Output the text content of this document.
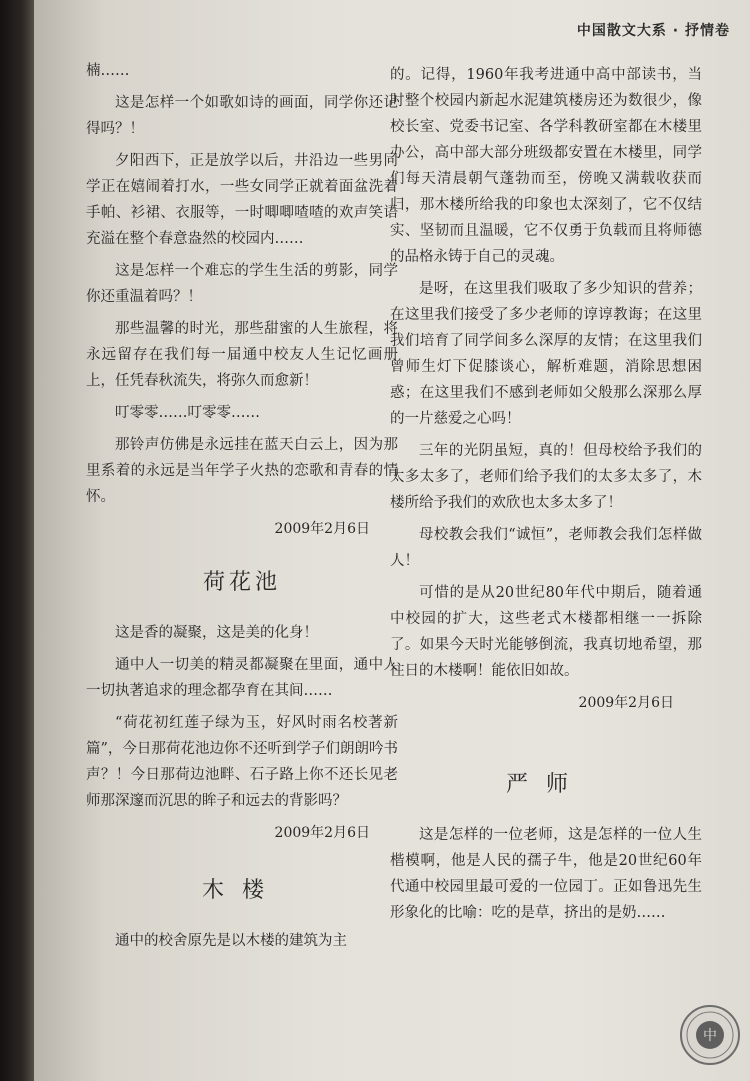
中国散文大系 · 抒情卷

楠……

这是怎样一个如歌如诗的画面，同学你还记得吗？！

夕阳西下，正是放学以后，井沿边一些男同学正在嬉闹着打水，一些女同学正就着面盆洗着手帕、衫裙、衣服等，一时唧唧喳喳的欢声笑语充溢在整个春意盎然的校园内……

这是怎样一个难忘的学生生活的剪影，同学你还重温着吗？！

那些温馨的时光，那些甜蜜的人生旅程，将永远留存在我们每一届通中校友人生记忆画册上，任凭春秋流失，将弥久而愈新！

叮零零……叮零零……

那铃声仿佛是永远挂在蓝天白云上，因为那里系着的永远是当年学子火热的恋歌和青春的情怀。

2009年2月6日
荷花池

这是香的凝聚，这是美的化身！

通中人一切美的精灵都凝聚在里面，通中人一切执著追求的理念都孕育在其间……

“荷花初红莲子绿为玉，好风时雨名校著新篇”，今日那荷花池边你不还听到学子们朗朗吟书声？！今日那荷边池畔、石子路上你不还长见老师那深邃而沉思的眸子和远去的背影吗？

2009年2月6日
木楼

通中的校舍原先是以木楼的建筑为主

的。记得，1960年我考进通中高中部读书，当时整个校园内新起水泥建筑楼房还为数很少，像校长室、党委书记室、各学科教研室都在木楼里办公，高中部大部分班级都安置在木楼里，同学们每天清晨朝气蓬勃而至，傍晚又满载收获而归，那木楼所给我的印象也太深刻了，它不仅结实、坚韧而且温暖，它不仅勇于负载而且将师德的品格永铸于自己的灵魂。

是呀，在这里我们吸取了多少知识的营养；在这里我们接受了多少老师的谆谆教诲；在这里我们培育了同学间多么深厚的友情；在这里我们曾师生灯下促膝谈心，解析难题，消除思想困惑；在这里我们不感到老师如父般那么深那么厚的一片慈爱之心吗！

三年的光阴虽短，真的！但母校给予我们的太多太多了，老师们给予我们的太多太多了，木楼所给予我们的欢欣也太多太多了！

母校教会我们“诚恒”，老师教会我们怎样做人！

可惜的是从20世纪80年代中期后，随着通中校园的扩大，这些老式木楼都相继一一拆除了。如果今天时光能够倒流，我真切地希望，那往日的木楼啊！能依旧如故。

2009年2月6日
严师

这是怎样的一位老师，这是怎样的一位人生楷模啊，他是人民的孺子牛，他是20世纪60年代通中校园里最可爱的一位园丁。正如鲁迅先生形象化的比喻：吃的是草，挤出的是奶……

中
